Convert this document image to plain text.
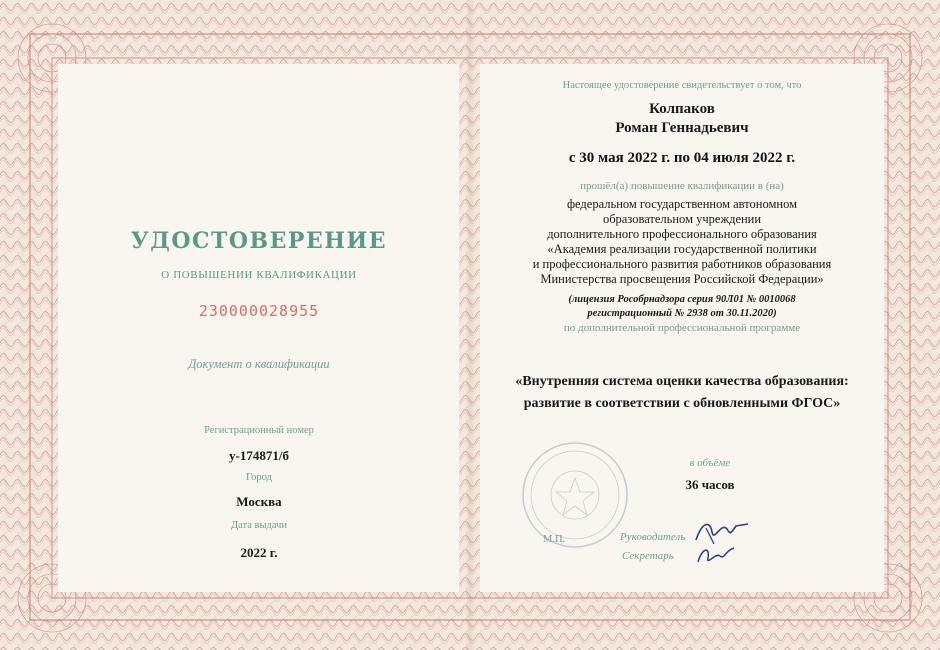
УДОСТОВЕРЕНИЕ
О ПОВЫШЕНИИ КВАЛИФИКАЦИИ
230000028955
Документ о квалификации
Регистрационный номер
у-174871/б
Город
Москва
Дата выдачи
2022 г.
Настоящее удостоверение свидетельствует о том, что
Колпаков
Роман Геннадьевич
с 30 мая 2022 г. по 04 июля 2022 г.
прошёл(а) повышение квалификации в (на)
федеральном государственном автономном
образовательном учреждении
дополнительного профессионального образования
«Академия реализации государственной политики
и профессионального развития работников образования
Министерства просвещения Российской Федерации»
(лицензия Рособрнадзора серия 90Л01 № 0010068
регистрационный № 2938 от 30.11.2020)
по дополнительной профессиональной программе
«Внутренняя система оценки качества образования:
развитие в соответствии с обновленными ФГОС»
в объёме
36 часов
М.П.	Руководитель
Секретарь
